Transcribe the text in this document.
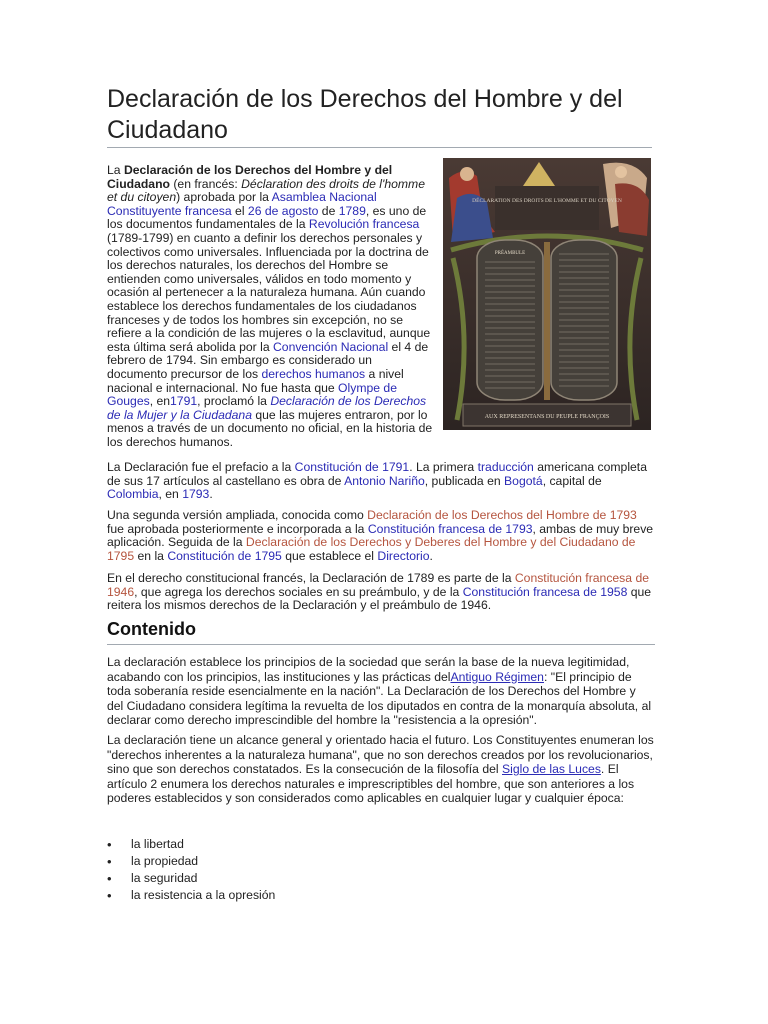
Declaración de los Derechos del Hombre y del Ciudadano

La Declaración de los Derechos del Hombre y del Ciudadano (en francés: Déclaration des droits de l'homme et du citoyen) aprobada por la Asamblea Nacional Constituyente francesa el 26 de agosto de 1789, es uno de los documentos fundamentales de la Revolución francesa (1789-1799) en cuanto a definir los derechos personales y colectivos como universales. Influenciada por la doctrina de los derechos naturales, los derechos del Hombre se entienden como universales, válidos en todo momento y ocasión al pertenecer a la naturaleza humana. Aún cuando establece los derechos fundamentales de los ciudadanos franceses y de todos los hombres sin excepción, no se refiere a la condición de las mujeres o la esclavitud, aunque esta última será abolida por la Convención Nacional el 4 de febrero de 1794. Sin embargo es considerado un documento precursor de los derechos humanos a nivel nacional e internacional. No fue hasta que Olympe de Gouges, en1791, proclamó la Declaración de los Derechos de la Mujer y la Ciudadana que las mujeres entraron, por lo menos a través de un documento no oficial, en la historia de los derechos humanos.

DÉCLARATION DES DROITS DE L'HOMME ET DU CITOYEN
PRÉAMBULE
AUX REPRESENTANS DU PEUPLE FRANÇOIS

La Declaración fue el prefacio a la Constitución de 1791. La primera traducción americana completa de sus 17 artículos al castellano es obra de Antonio Nariño, publicada en Bogotá, capital de Colombia, en 1793.

Una segunda versión ampliada, conocida como Declaración de los Derechos del Hombre de 1793 fue aprobada posteriormente e incorporada a la Constitución francesa de 1793, ambas de muy breve aplicación. Seguida de la Declaración de los Derechos y Deberes del Hombre y del Ciudadano de 1795 en la Constitución de 1795 que establece el Directorio.

En el derecho constitucional francés, la Declaración de 1789 es parte de la Constitución francesa de 1946, que agrega los derechos sociales en su preámbulo, y de la Constitución francesa de 1958 que reitera los mismos derechos de la Declaración y el preámbulo de 1946.

Contenido

La declaración establece los principios de la sociedad que serán la base de la nueva legitimidad, acabando con los principios, las instituciones y las prácticas delAntiguo Régimen: "El principio de toda soberanía reside esencialmente en la nación". La Declaración de los Derechos del Hombre y del Ciudadano considera legítima la revuelta de los diputados en contra de la monarquía absoluta, al declarar como derecho imprescindible del hombre la "resistencia a la opresión".

La declaración tiene un alcance general y orientado hacia el futuro. Los Constituyentes enumeran los "derechos inherentes a la naturaleza humana", que no son derechos creados por los revolucionarios, sino que son derechos constatados. Es la consecución de la filosofía del Siglo de las Luces. El artículo 2 enumera los derechos naturales e imprescriptibles del hombre, que son anteriores a los poderes establecidos y son considerados como aplicables en cualquier lugar y cualquier época:

• la libertad
• la propiedad
• la seguridad
• la resistencia a la opresión
